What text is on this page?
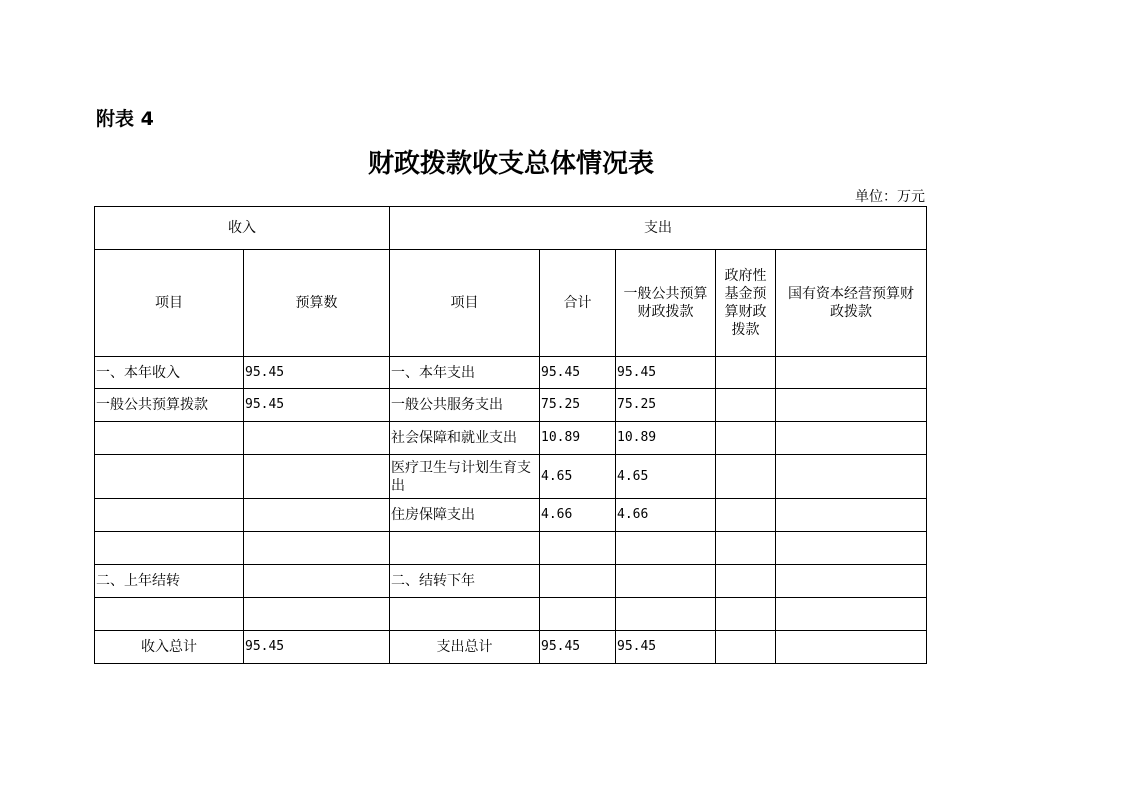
附表 4
财政拨款收支总体情况表
单位：万元
收入		支出				
项目	预算数	项目	合计	一般公共预算财政拨款	政府性基金预算财政拨款	国有资本经营预算财政拨款
一、本年收入	95.45	一、本年支出	95.45	95.45		
一般公共预算拨款	95.45	一般公共服务支出	75.25	75.25		
		社会保障和就业支出	10.89	10.89		
		医疗卫生与计划生育支出	4.65	4.65		
		住房保障支出	4.66	4.66		

二、上年结转		二、结转下年				

收入总计	95.45	支出总计	95.45	95.45		
